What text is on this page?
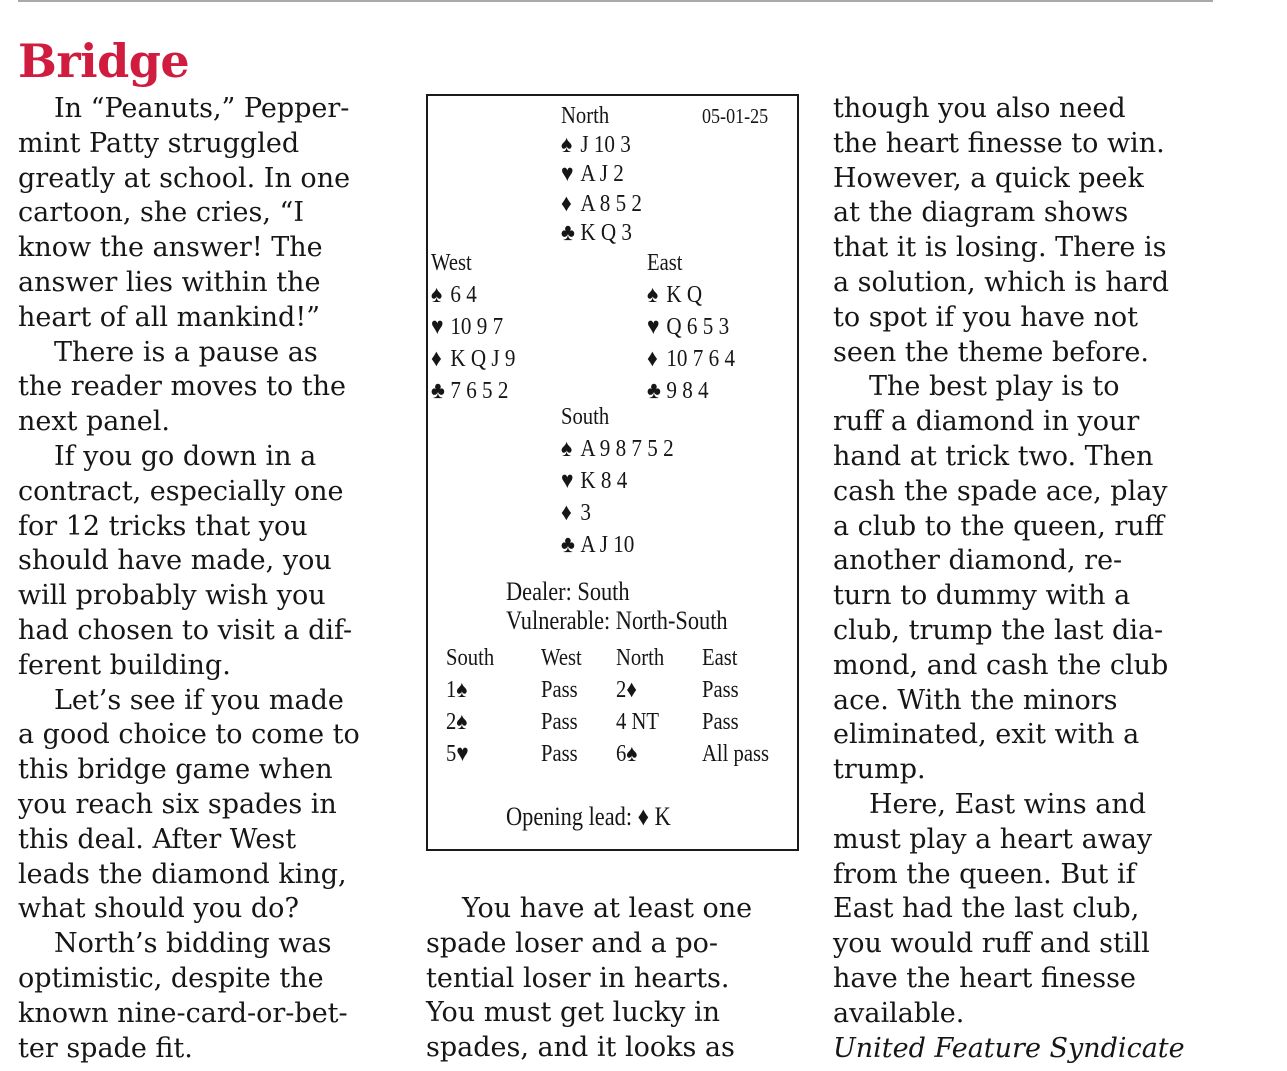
Bridge

In “Peanuts,” Pepper-

mint Patty struggled

greatly at school. In one

cartoon, she cries, “I

know the answer! The

answer lies within the

heart of all mankind!”

There is a pause as

the reader moves to the

next panel.

If you go down in a

contract, especially one

for 12 tricks that you

should have made, you

will probably wish you

had chosen to visit a dif-

ferent building.

Let’s see if you made

a good choice to come to

this bridge game when

you reach six spades in

this deal. After West

leads the diamond king,

what should you do?

North’s bidding was

optimistic, despite the

known nine-card-or-bet-

ter spade fit.

You have at least one

spade loser and a po-

tential loser in hearts.

You must get lucky in

spades, and it looks as

though you also need

the heart finesse to win.

However, a quick peek

at the diagram shows

that it is losing. There is

a solution, which is hard

to spot if you have not

seen the theme before.

The best play is to

ruff a diamond in your

hand at trick two. Then

cash the spade ace, play

a club to the queen, ruff

another diamond, re-

turn to dummy with a

club, trump the last dia-

mond, and cash the club

ace. With the minors

eliminated, exit with a

trump.

Here, East wins and

must play a heart away

from the queen. But if

East had the last club,

you would ruff and still

have the heart finesse

available.

United Feature Syndicate

North	05-01-25
♠ J 10 3
♥ A J 2
♦ A 8 5 2
♣ K Q 3
West
♠ 6 4
♥ 10 9 7
♦ K Q J 9
♣ 7 6 5 2
East
♠ K Q
♥ Q 6 5 3
♦ 10 7 6 4
♣ 9 8 4
South
♠ A 9 8 7 5 2
♥ K 8 4
♦ 3
♣ A J 10
Dealer: South
Vulnerable: North-South
South West North East
1♠	Pass 2♦	Pass
2♠	Pass 4 NT Pass
5♥	Pass 6♠	All pass
Opening lead: ♦ K
